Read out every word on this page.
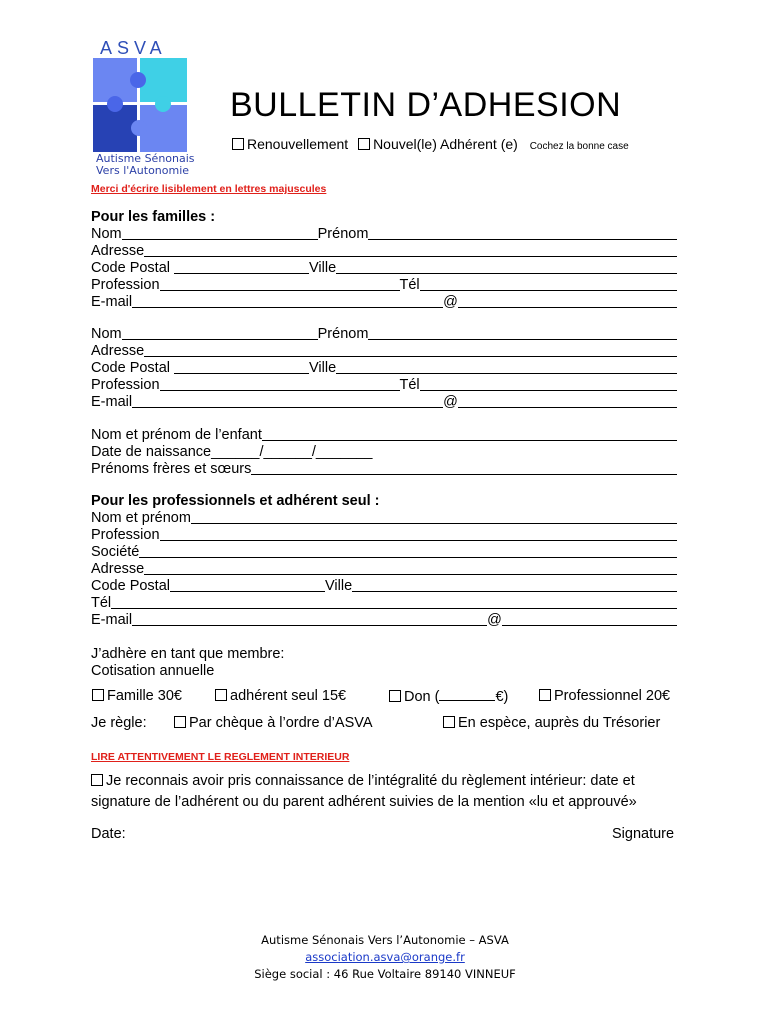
ASVA
Autisme Sénonais
Vers l'Autonomie
BULLETIN D’ADHESION
Renouvellement Nouvel(le) Adhérent (e) Cochez la bonne case
Merci d'écrire lisiblement en lettres majuscules
Pour les familles :
Nom	Prénom
Adresse
Code Postal	Ville
Profession	Tél
E-mail	@
Nom	Prénom
Adresse
Code Postal	Ville
Profession	Tél
E-mail	@
Nom et prénom de l’enfant
Date de naissance ______/______/_______
Prénoms frères et sœurs
Pour les professionnels et adhérent seul :
Nom et prénom
Profession
Société
Adresse
Code Postal	Ville
Tél
E-mail	@
J’adhère en tant que membre:
Cotisation annuelle
Famille 30€	adhérent seul 15€	Don (	€)	Professionnel 20€
Je règle:	Par chèque à l’ordre d’ASVA	En espèce, auprès du Trésorier
LIRE ATTENTIVEMENT LE REGLEMENT INTERIEUR
Je reconnais avoir pris connaissance de l’intégralité du règlement intérieur: date et signature de l’adhérent ou du parent adhérent suivies de la mention «lu et approuvé»
Date:	Signature
Autisme Sénonais Vers l’Autonomie – ASVA
association.asva@orange.fr
Siège social : 46 Rue Voltaire 89140 VINNEUF
